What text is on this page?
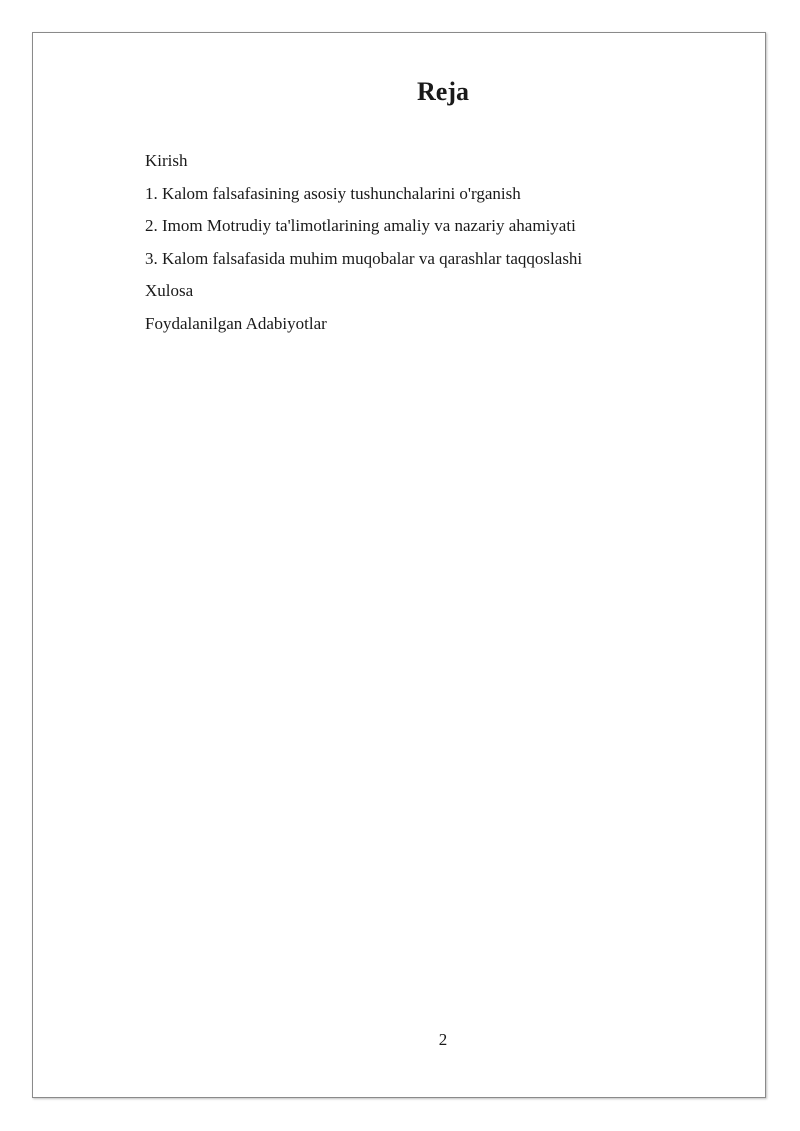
Reja
Kirish
1. Kalom falsafasining asosiy tushunchalarini o'rganish
2. Imom Motrudiy ta'limotlarining amaliy va nazariy ahamiyati
3. Kalom falsafasida muhim muqobalar va qarashlar taqqoslashi
Xulosa
Foydalanilgan Adabiyotlar
2
